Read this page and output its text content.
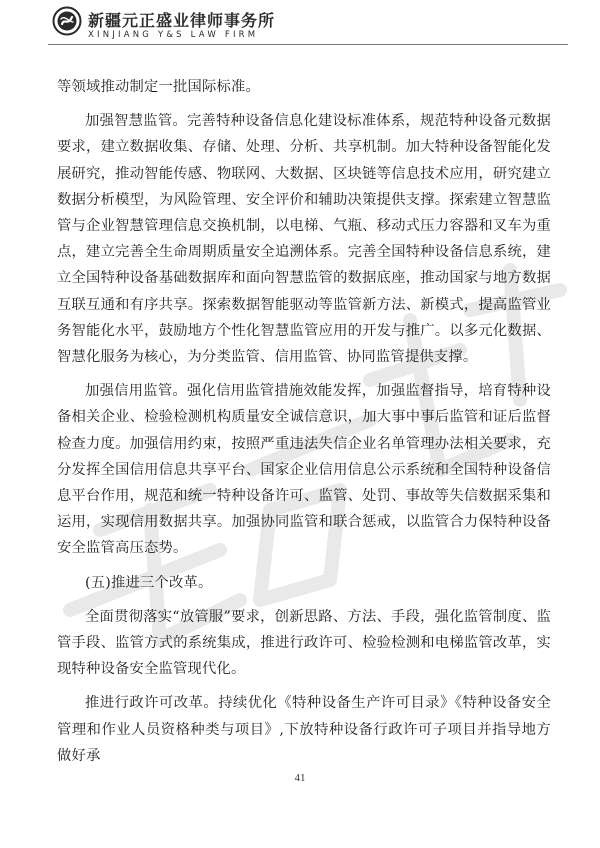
新疆元正盛业律师事务所
XINJIANG Y&S LAW FIRM

等领域推动制定一批国际标准。

加强智慧监管。完善特种设备信息化建设标准体系，规范特种设备元数据要求，建立数据收集、存储、处理、分析、共享机制。加大特种设备智能化发展研究，推动智能传感、物联网、大数据、区块链等信息技术应用，研究建立数据分析模型，为风险管理、安全评价和辅助决策提供支撑。探索建立智慧监管与企业智慧管理信息交换机制，以电梯、气瓶、移动式压力容器和叉车为重点，建立完善全生命周期质量安全追溯体系。完善全国特种设备信息系统，建立全国特种设备基础数据库和面向智慧监管的数据底座，推动国家与地方数据互联互通和有序共享。探索数据智能驱动等监管新方法、新模式，提高监管业务智能化水平，鼓励地方个性化智慧监管应用的开发与推广。以多元化数据、智慧化服务为核心，为分类监管、信用监管、协同监管提供支撑。

加强信用监管。强化信用监管措施效能发挥，加强监督指导，培育特种设备相关企业、检验检测机构质量安全诚信意识，加大事中事后监管和证后监督检查力度。加强信用约束，按照严重违法失信企业名单管理办法相关要求，充分发挥全国信用信息共享平台、国家企业信用信息公示系统和全国特种设备信息平台作用，规范和统一特种设备许可、监管、处罚、事故等失信数据采集和运用，实现信用数据共享。加强协同监管和联合惩戒，以监管合力保特种设备安全监管高压态势。

(五)推进三个改革。

全面贯彻落实“放管服”要求，创新思路、方法、手段，强化监管制度、监管手段、监管方式的系统集成，推进行政许可、检验检测和电梯监管改革，实现特种设备安全监管现代化。

推进行政许可改革。持续优化《特种设备生产许可目录》《特种设备安全管理和作业人员资格种类与项目》,下放特种设备行政许可子项目并指导地方做好承

41
